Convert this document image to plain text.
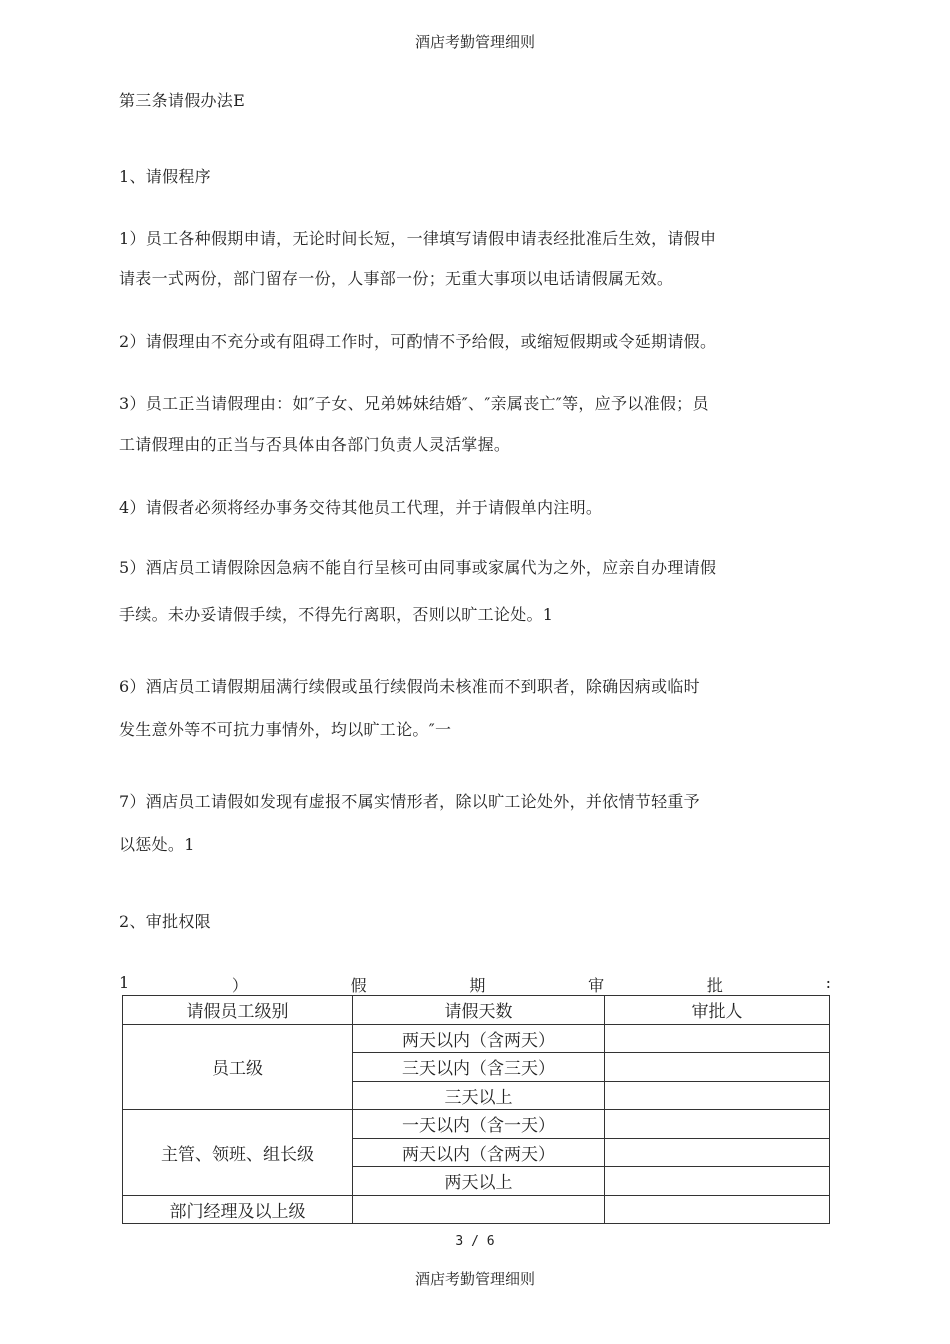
酒店考勤管理细则
第三条请假办法E
1、请假程序
1）员工各种假期申请，无论时间长短，一律填写请假申请表经批准后生效，请假申
请表一式两份，部门留存一份，人事部一份；无重大事项以电话请假属无效。
2）请假理由不充分或有阻碍工作时，可酌情不予给假，或缩短假期或令延期请假。
3）员工正当请假理由：如″子女、兄弟姊妹结婚″、″亲属丧亡″等，应予以准假；员
工请假理由的正当与否具体由各部门负责人灵活掌握。
4）请假者必须将经办事务交待其他员工代理，并于请假单内注明。
5）酒店员工请假除因急病不能自行呈核可由同事或家属代为之外，应亲自办理请假
手续。未办妥请假手续，不得先行离职，否则以旷工论处。1
6）酒店员工请假期届满行续假或虽行续假尚未核准而不到职者，除确因病或临时
发生意外等不可抗力事情外，均以旷工论。″一
7）酒店员工请假如发现有虚报不属实情形者，除以旷工论处外，并依情节轻重予
以惩处。1
2、审批权限
1	）	假	期	审	批	:
请假员工级别	请假天数	审批人
员工级	两天以内（含两天）	
	三天以内（含三天）	
	三天以上	
主管、领班、组长级	一天以内（含一天）	
	两天以内（含两天）	
	两天以上	
部门经理及以上级		
3 / 6
酒店考勤管理细则
